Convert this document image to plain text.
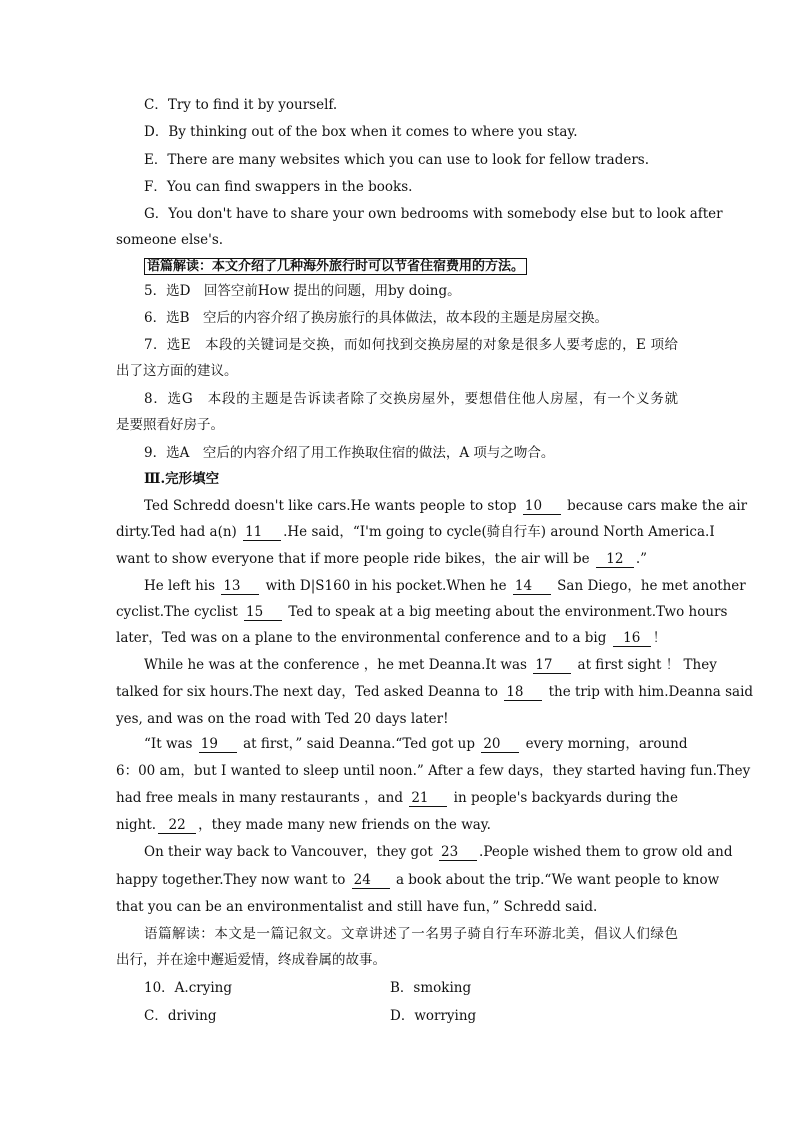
C．Try to find it by yourself.
D．By thinking out of the box when it comes to where you stay.
E．There are many websites which you can use to look for fellow traders.
F．You can find swappers in the books.
G．You don't have to share your own bedrooms with somebody else but to look after
someone else's.
语篇解读：本文介绍了几种海外旅行时可以节省住宿费用的方法。
5．选D　回答空前How 提出的问题，用by doing。
6．选B　空后的内容介绍了换房旅行的具体做法，故本段的主题是房屋交换。
7．选E　本段的关键词是交换，而如何找到交换房屋的对象是很多人要考虑的，E 项给
出了这方面的建议。
8．选G　本段的主题是告诉读者除了交换房屋外，要想借住他人房屋，有一个义务就
是要照看好房子。
9．选A　空后的内容介绍了用工作换取住宿的做法，A 项与之吻合。
Ⅲ.完形填空
Ted Schredd doesn't like cars.He wants people to stop 10 because cars make the air
dirty.Ted had a(n) 11 .He said，“I'm going to cycle(骑自行车) around North America.I
want to show everyone that if more people ride bikes，the air will be 12 .”
He left his 13 with D|S160 in his pocket.When he 14 San Diego，he met another
cyclist.The cyclist 15 Ted to speak at a big meeting about the environment.Two hours
later，Ted was on a plane to the environmental conference and to a big 16 ！
While he was at the conference ，he met Deanna.It was 17 at first sight ！ They
talked for six hours.The next day，Ted asked Deanna to 18 the trip with him.Deanna said
yes, and was on the road with Ted 20 days later!
“It was 19 at first，” said Deanna.“Ted got up 20 every morning，around
6：00 am，but I wanted to sleep until noon.” After a few days，they started having fun.They
had free meals in many restaurants ，and 21 in people's backyards during the
night. 22 ，they made many new friends on the way.
On their way back to Vancouver，they got 23 .People wished them to grow old and
happy together.They now want to 24 a book about the trip.“We want people to know
that you can be an environmentalist and still have fun，” Schredd said.
语篇解读：本文是一篇记叙文。文章讲述了一名男子骑自行车环游北美，倡议人们绿色
出行，并在途中邂逅爱情，终成眷属的故事。
10．A.crying	B．smoking
C．driving	D．worrying
